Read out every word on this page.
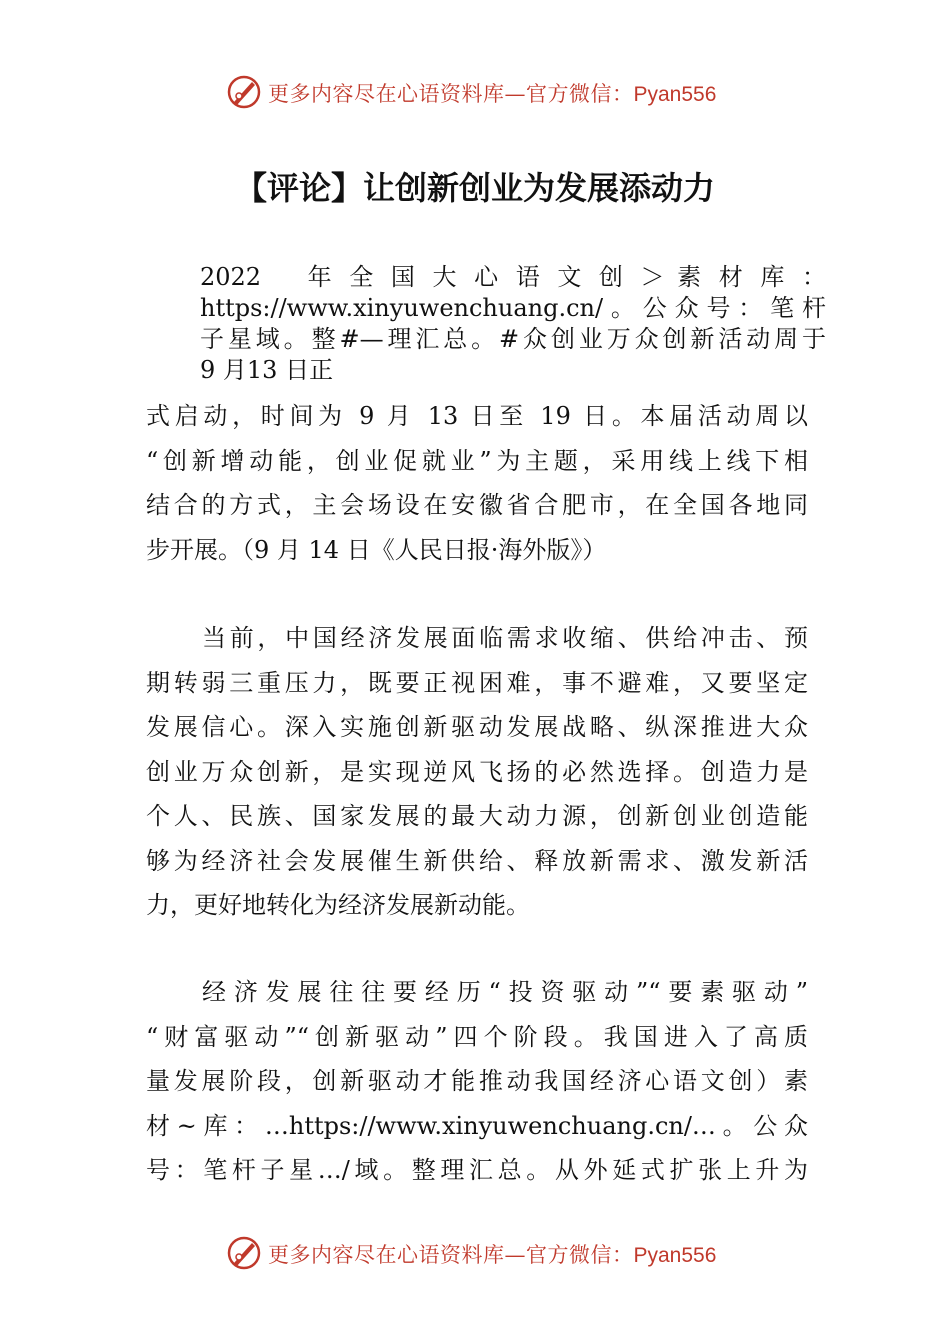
更多内容尽在心语资料库—官方微信：Pyan556
【评论】让创新创业为发展添动力
2022　 年 全 国 大 心 语 文 创 ＞ 素 材 库 ：
https://www.xinyuwenchuang.cn/。公众号：笔杆
子星域。整#—理汇总。#众创业万众创新活动周于
9 月13 日正
式启动，时间为 9 月 13 日至 19 日。本届活动周以
“创新增动能，创业促就业”为主题，采用线上线下相
结合的方式，主会场设在安徽省合肥市，在全国各地同
步开展。（9 月 14 日《人民日报·海外版》）
当前，中国经济发展面临需求收缩、供给冲击、预
期转弱三重压力，既要正视困难，事不避难，又要坚定
发展信心。深入实施创新驱动发展战略、纵深推进大众
创业万众创新，是实现逆风飞扬的必然选择。创造力是
个人、民族、国家发展的最大动力源，创新创业创造能
够为经济社会发展催生新供给、释放新需求、激发新活
力，更好地转化为经济发展新动能。
经济发展往往要经历“投资驱动”“要素驱动”
“财富驱动”“创新驱动”四个阶段。我国进入了高质
量发展阶段，创新驱动才能推动我国经济心语文创）素
材~库：…https://www.xinyuwenchuang.cn/…。公众
号：笔杆子星…/域。整理汇总。从外延式扩张上升为
更多内容尽在心语资料库—官方微信：Pyan556
